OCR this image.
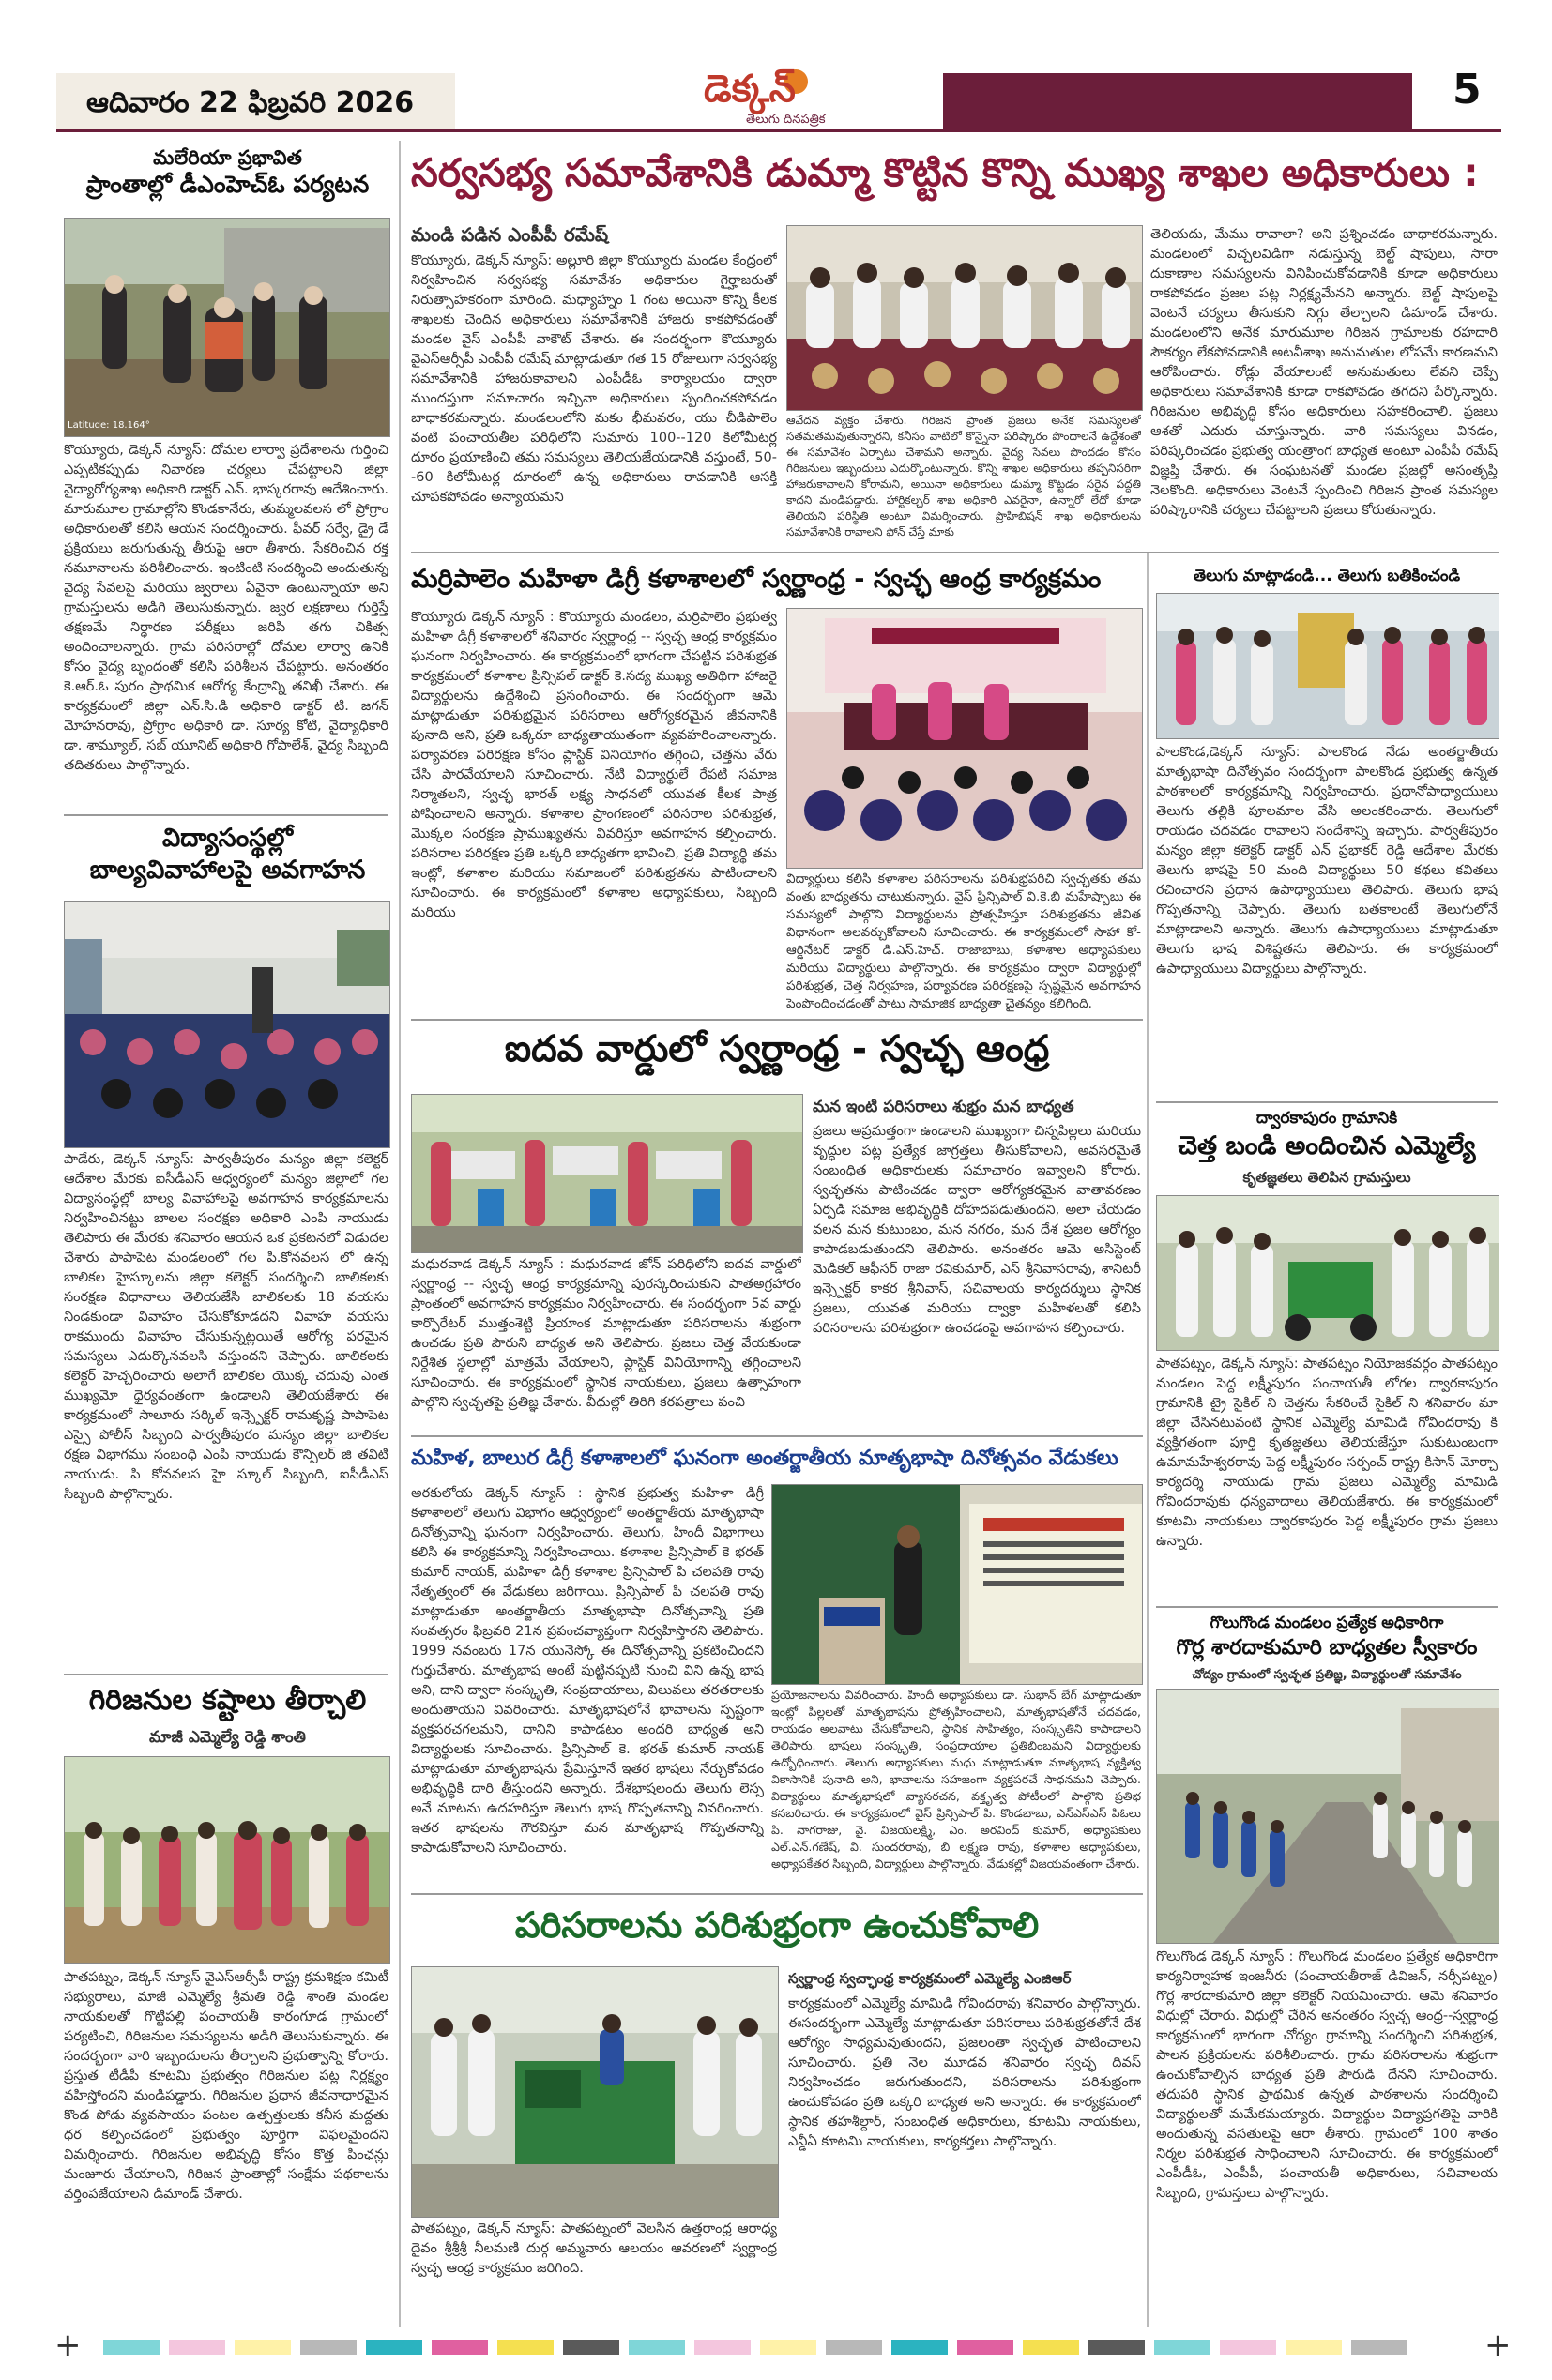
ఆదివారం 22 ఫిబ్రవరి 2026	డెక్కన్
తెలుగు దినపత్రిక
5
మలేరియా ప్రభావిత
ప్రాంతాల్లో డీఎంహెచ్‌ఓ పర్యటన
Latitude: 18.164°
కొయ్యూరు, డెక్కన్ న్యూస్: దోమల లార్వా ప్రదేశాలను గుర్తించి ఎప్పటికప్పుడు నివారణ చర్యలు చేపట్టాలని జిల్లా వైద్యారోగ్యశాఖ అధికారి డాక్టర్ ఎన్. భాస్కరరావు ఆదేశించారు. మారుమూల గ్రామాల్లోని కొండకానేరు, తుమ్మలవలస లో ప్రోగ్రాం అధికారులతో కలిసి ఆయన సందర్శించారు. ఫీవర్ సర్వే, డ్రై డే ప్రక్రియలు జరుగుతున్న తీరుపై ఆరా తీశారు. సేకరించిన రక్త నమూనాలను పరిశీలించారు. ఇంటింటి సందర్శించి అందుతున్న వైద్య సేవలపై మరియు జ్వరాలు ఏవైనా ఉంటున్నాయా అని గ్రామస్తులను అడిగి తెలుసుకున్నారు. జ్వర లక్షణాలు గుర్తిస్తే తక్షణమే నిర్ధారణ పరీక్షలు జరిపి తగు చికిత్స అందించాలన్నారు. గ్రామ పరిసరాల్లో దోమల లార్వా ఉనికి కోసం వైద్య బృందంతో కలిసి పరిశీలన చేపట్టారు. అనంతరం కె.ఆర్.ఓ పురం ప్రాథమిక ఆరోగ్య కేంద్రాన్ని తనిఖీ చేశారు. ఈ కార్యక్రమంలో జిల్లా ఎన్.సి.డి అధికారి డాక్టర్ టి. జగన్ మోహనరావు, ప్రోగ్రాం అధికారి డా. సూర్య కోటి, వైద్యాధికారి డా. శామ్యూల్, సబ్ యూనిట్ అధికారి గోపాలేశ్, వైద్య సిబ్బంది తదితరులు పాల్గొన్నారు.
విద్యాసంస్థల్లో
బాల్యవివాహాలపై అవగాహన
పాడేరు, డెక్కన్ న్యూస్: పార్వతీపురం మన్యం జిల్లా కలెక్టర్ ఆదేశాల మేరకు ఐసీడీఎస్ ఆధ్వర్యంలో మన్యం జిల్లాలో గల విద్యాసంస్థల్లో బాల్య వివాహాలపై అవగాహన కార్యక్రమాలను నిర్వహించినట్టు బాలల సంరక్షణ అధికారి ఎంపి నాయుడు తెలిపారు ఈ మేరకు శనివారం ఆయన ఒక ప్రకటనలో విడుదల చేశారు పాపాపెట మండలంలో గల పి.కోనవలస లో ఉన్న బాలికల హైస్కూలను జిల్లా కలెక్టర్ సందర్శించి బాలికలకు సంరక్షణ విధానాలు తెలియజేసి బాలికలకు 18 వయసు నిండకుండా వివాహం చేసుకోకూడదని వివాహ వయసు రాకముందు వివాహం చేసుకున్నట్లయితే ఆరోగ్య పరమైన సమస్యలు ఎదుర్కొనవలసి వస్తుందని చెప్పారు. బాలికలకు కలెక్టర్ హెచ్చరించారు అలాగే బాలికల యొక్క చదువు ఎంత ముఖ్యమో ధైర్యవంతంగా ఉండాలని తెలియజేశారు ఈ కార్యక్రమంలో సాలూరు సర్కిల్ ఇన్స్పెక్టర్ రామకృష్ణ పాపాపెట ఎస్సై పోలీస్ సిబ్బంది పార్వతీపురం మన్యం జిల్లా బాలికల రక్షణ విభాగము సంబంధి ఎంపి నాయుడు కౌన్సిలర్ జి తవిటి నాయుడు. పి కోనవలస హై స్కూల్ సిబ్బంది, ఐసీడీఎస్ సిబ్బంది పాల్గొన్నారు.
గిరిజనుల కష్టాలు తీర్చాలి
మాజీ ఎమ్మెల్యే రెడ్డి శాంతి
పాతపట్నం, డెక్కన్ న్యూస్ వైఎస్ఆర్సీపీ రాష్ట్ర క్రమశిక్షణ కమిటీ సభ్యురాలు, మాజీ ఎమ్మెల్యే శ్రీమతి రెడ్డి శాంతి మండల నాయకులతో గొట్టిపల్లి పంచాయతీ కారంగూడ గ్రామంలో పర్యటించి, గిరిజనుల సమస్యలను అడిగి తెలుసుకున్నారు. ఈ సందర్భంగా వారి ఇబ్బందులను తీర్చాలని ప్రభుత్వాన్ని కోరారు. ప్రస్తుత టీడీపీ కూటమి ప్రభుత్వం గిరిజనుల పట్ల నిర్లక్ష్యం వహిస్తోందని మండిపడ్డారు. గిరిజనుల ప్రధాన జీవనాధారమైన కొండ పోడు వ్యవసాయం పంటల ఉత్పత్తులకు కనీస మద్దతు ధర కల్పించడంలో ప్రభుత్వం పూర్తిగా విఫలమైందని విమర్శించారు. గిరిజనుల అభివృద్ధి కోసం కొత్త పింఛన్లు మంజూరు చేయాలని, గిరిజన ప్రాంతాల్లో సంక్షేమ పథకాలను వర్తింపజేయాలని డిమాండ్ చేశారు.
సర్వసభ్య సమావేశానికి డుమ్మా కొట్టిన కొన్ని ముఖ్య శాఖల అధికారులు :
మండి పడిన ఎంపీపీ రమేష్
కొయ్యూరు, డెక్కన్ న్యూస్: అల్లూరి జిల్లా కొయ్యూరు మండల కేంద్రంలో నిర్వహించిన సర్వసభ్య సమావేశం అధికారుల గైర్హాజరుతో నిరుత్సాహకరంగా మారింది. మధ్యాహ్నం 1 గంట అయినా కొన్ని కీలక శాఖలకు చెందిన అధికారులు సమావేశానికి హాజరు కాకపోవడంతో మండల వైస్ ఎంపీపీ వాకౌట్ చేశారు. ఈ సందర్భంగా కొయ్యూరు వైఎస్ఆర్సీపీ ఎంపీపీ రమేష్ మాట్లాడుతూ గత 15 రోజులుగా సర్వసభ్య సమావేశానికి హాజరుకావాలని ఎంపీడీఓ కార్యాలయం ద్వారా ముందస్తుగా సమాచారం ఇచ్చినా అధికారులు స్పందించకపోవడం బాధాకరమన్నారు. మండలంలోని మకం భీమవరం, యు చీడిపాలెం వంటి పంచాయతీల పరిధిలోని సుమారు 100--120 కిలోమీటర్ల దూరం ప్రయాణించి తమ సమస్యలు తెలియజేయడానికి వస్తుంటే, 50--60 కిలోమీటర్ల దూరంలో ఉన్న అధికారులు రావడానికి ఆసక్తి చూపకపోవడం అన్యాయమని
ఆవేదన వ్యక్తం చేశారు. గిరిజన ప్రాంత ప్రజలు అనేక సమస్యలతో సతమతమవుతున్నారని, కనీసం వాటిలో కొన్నైనా పరిష్కారం పొందాలనే ఉద్దేశంతో ఈ సమావేశం ఏర్పాటు చేశామని అన్నారు. వైద్య సేవలు పొందడం కోసం గిరిజనులు ఇబ్బందులు ఎదుర్కొంటున్నారు. కొన్ని శాఖల అధికారులు తప్పనిసరిగా హాజరుకావాలని కోరామని, అయినా అధికారులు డుమ్మా కొట్టడం సరైన పద్ధతి కాదని మండిపడ్డారు. హార్టికల్చర్ శాఖ అధికారి ఎవరైనా, ఉన్నారో లేదో కూడా తెలియని పరిస్థితి అంటూ విమర్శించారు. ప్రొహిబిషన్ శాఖ అధికారులను సమావేశానికి రావాలని ఫోన్ చేస్తే మాకు
తెలియదు, మేము రావాలా? అని ప్రశ్నించడం బాధాకరమన్నారు. మండలంలో విచ్చలవిడిగా నడుస్తున్న బెల్ట్ షాపులు, సారా దుకాణాల సమస్యలను వినిపించుకోవడానికి కూడా అధికారులు రాకపోవడం ప్రజల పట్ల నిర్లక్ష్యమేనని అన్నారు. బెల్ట్ షాపులపై వెంటనే చర్యలు తీసుకుని నిగ్గు తేల్చాలని డిమాండ్ చేశారు. మండలంలోని అనేక మారుమూల గిరిజన గ్రామాలకు రహదారి సౌకర్యం లేకపోవడానికి అటవీశాఖ అనుమతుల లోపమే కారణమని ఆరోపించారు. రోడ్లు వేయాలంటే అనుమతులు లేవని చెప్పే అధికారులు సమావేశానికి కూడా రాకపోవడం తగదని పేర్కొన్నారు. గిరిజనుల అభివృద్ధి కోసం అధికారులు సహకరించాలి. ప్రజలు ఆశతో ఎదురు చూస్తున్నారు. వారి సమస్యలు వినడం, పరిష్కరించడం ప్రభుత్వ యంత్రాంగ బాధ్యత అంటూ ఎంపీపీ రమేష్ విజ్ఞప్తి చేశారు. ఈ సంఘటనతో మండల ప్రజల్లో అసంతృప్తి నెలకొంది. అధికారులు వెంటనే స్పందించి గిరిజన ప్రాంత సమస్యల పరిష్కారానికి చర్యలు చేపట్టాలని ప్రజలు కోరుతున్నారు.
మర్రిపాలెం మహిళా డిగ్రీ కళాశాలలో స్వర్ణాంధ్ర - స్వచ్ఛ ఆంధ్ర కార్యక్రమం
కొయ్యూరు డెక్కన్ న్యూస్ : కొయ్యూరు మండలం, మర్రిపాలెం ప్రభుత్వ మహిళా డిగ్రీ కళాశాలలో శనివారం స్వర్ణాంధ్ర -- స్వచ్ఛ ఆంధ్ర కార్యక్రమం ఘనంగా నిర్వహించారు. ఈ కార్యక్రమంలో భాగంగా చేపట్టిన పరిశుభ్రత కార్యక్రమంలో కళాశాల ప్రిన్సిపల్ డాక్టర్ కె.సద్య ముఖ్య అతిథిగా హాజరై విద్యార్థులను ఉద్దేశించి ప్రసంగించారు. ఈ సందర్భంగా ఆమె మాట్లాడుతూ పరిశుభ్రమైన పరిసరాలు ఆరోగ్యకరమైన జీవనానికి పునాది అని, ప్రతి ఒక్కరూ బాధ్యతాయుతంగా వ్యవహరించాలన్నారు. పర్యావరణ పరిరక్షణ కోసం ప్లాస్టిక్ వినియోగం తగ్గించి, చెత్తను వేరు చేసి పారవేయాలని సూచించారు. నేటి విద్యార్థులే రేపటి సమాజ నిర్మాతలని, స్వచ్ఛ భారత్ లక్ష్య సాధనలో యువత కీలక పాత్ర పోషించాలని అన్నారు. కళాశాల ప్రాంగణంలో పరిసరాల పరిశుభ్రత, మొక్కల సంరక్షణ ప్రాముఖ్యతను వివరిస్తూ అవగాహన కల్పించారు. పరిసరాల పరిరక్షణ ప్రతి ఒక్కరి బాధ్యతగా భావించి, ప్రతి విద్యార్థి తమ ఇంట్లో, కళాశాల మరియు సమాజంలో పరిశుభ్రతను పాటించాలని సూచించారు. ఈ కార్యక్రమంలో కళాశాల అధ్యాపకులు, సిబ్బంది మరియు
విద్యార్థులు కలిసి కళాశాల పరిసరాలను పరిశుభ్రపరిచి స్వచ్ఛతకు తమ వంతు బాధ్యతను చాటుకున్నారు. వైస్ ప్రిన్సిపాల్ వి.కె.బి మహేష్బాబు ఈ సమస్యలో పాల్గొని విద్యార్థులను ప్రోత్సహిస్తూ పరిశుభ్రతను జీవిత విధానంగా అలవర్చుకోవాలని సూచించారు. ఈ కార్యక్రమంలో సాహా కో-ఆర్డినేటర్ డాక్టర్ డి.ఎస్.హెచ్. రాజాబాబు, కళాశాల అధ్యాపకులు మరియు విద్యార్థులు పాల్గొన్నారు. ఈ కార్యక్రమం ద్వారా విద్యార్థుల్లో పరిశుభ్రత, చెత్త నిర్వహణ, పర్యావరణ పరిరక్షణపై స్పష్టమైన అవగాహన పెంపొందించడంతో పాటు సామాజిక బాధ్యతా చైతన్యం కలిగింది.
ఐదవ వార్డులో స్వర్ణాంధ్ర - స్వచ్ఛ ఆంధ్ర
మధురవాడ డెక్కన్ న్యూస్ : మధురవాడ జోన్ పరిధిలోని ఐదవ వార్డులో స్వర్ణాంధ్ర -- స్వచ్ఛ ఆంధ్ర కార్యక్రమాన్ని పురస్కరించుకుని పాతఅగ్రహారం ప్రాంతంలో అవగాహన కార్యక్రమం నిర్వహించారు. ఈ సందర్భంగా 5వ వార్డు కార్పొరేటర్ ముత్తంశెట్టి ప్రియాంక మాట్లాడుతూ పరిసరాలను శుభ్రంగా ఉంచడం ప్రతి పౌరుని బాధ్యత అని తెలిపారు. ప్రజలు చెత్త వేయకుండా నిర్దేశిత స్థలాల్లో మాత్రమే వేయాలని, ప్లాస్టిక్ వినియోగాన్ని తగ్గించాలని సూచించారు. ఈ కార్యక్రమంలో స్థానిక నాయకులు, ప్రజలు ఉత్సాహంగా పాల్గొని స్వచ్ఛతపై ప్రతిజ్ఞ చేశారు. వీధుల్లో తిరిగి కరపత్రాలు పంచి
మన ఇంటి పరిసరాలు శుభ్రం మన బాధ్యత
ప్రజలు అప్రమత్తంగా ఉండాలని ముఖ్యంగా చిన్నపిల్లలు మరియు వృద్ధుల పట్ల ప్రత్యేక జాగ్రత్తలు తీసుకోవాలని, అవసరమైతే సంబంధిత అధికారులకు సమాచారం ఇవ్వాలని కోరారు. స్వచ్ఛతను పాటించడం ద్వారా ఆరోగ్యకరమైన వాతావరణం ఏర్పడి సమాజ అభివృద్ధికి దోహదపడుతుందని, అలా చేయడం వలన మన కుటుంబం, మన నగరం, మన దేశ ప్రజల ఆరోగ్యం కాపాడబడుతుందని తెలిపారు. అనంతరం ఆమె అసిస్టెంట్ మెడికల్ ఆఫీసర్ రాజా రవికుమార్, ఎస్ శ్రీనివాసరావు, శానిటరీ ఇన్స్పెక్టర్ కాకర శ్రీనివాస్, సచివాలయ కార్యదర్శులు స్థానిక ప్రజలు, యువత మరియు ద్వాక్రా మహిళలతో కలిసి పరిసరాలను పరిశుభ్రంగా ఉంచడంపై అవగాహన కల్పించారు.
మహిళ, బాలుర డిగ్రీ కళాశాలలో ఘనంగా అంతర్జాతీయ మాతృభాషా దినోత్సవం వేడుకలు
అరకులోయ డెక్కన్ న్యూస్ : స్థానిక ప్రభుత్వ మహిళా డిగ్రీ కళాశాలలో తెలుగు విభాగం ఆధ్వర్యంలో అంతర్జాతీయ మాతృభాషా దినోత్సవాన్ని ఘనంగా నిర్వహించారు. తెలుగు, హిందీ విభాగాలు కలిసి ఈ కార్యక్రమాన్ని నిర్వహించాయి. కళాశాల ప్రిన్సిపాల్ కె భరత్ కుమార్ నాయక్, మహిళా డిగ్రీ కళాశాల ప్రిన్సిపాల్ పి చలపతి రావు నేతృత్వంలో ఈ వేడుకలు జరిగాయి. ప్రిన్సిపాల్ పి చలపతి రావు మాట్లాడుతూ అంతర్జాతీయ మాతృభాషా దినోత్సవాన్ని ప్రతి సంవత్సరం ఫిబ్రవరి 21న ప్రపంచవ్యాప్తంగా నిర్వహిస్తారని తెలిపారు. 1999 నవంబరు 17న యునెస్కో ఈ దినోత్సవాన్ని ప్రకటించిందని గుర్తుచేశారు. మాతృభాష అంటే పుట్టినప్పటి నుంచి విని ఉన్న భాష అని, దాని ద్వారా సంస్కృతి, సంప్రదాయాలు, విలువలు తరతరాలకు అందుతాయని వివరించారు. మాతృభాషలోనే భావాలను స్పష్టంగా వ్యక్తపరచగలమని, దానిని కాపాడటం అందరి బాధ్యత అని విద్యార్థులకు సూచించారు. ప్రిన్సిపాల్ కె. భరత్ కుమార్ నాయక్ మాట్లాడుతూ మాతృభాషను ప్రేమిస్తూనే ఇతర భాషలు నేర్చుకోవడం అభివృద్ధికి దారి తీస్తుందని అన్నారు. దేశభాషలందు తెలుగు లెస్స అనే మాటను ఉదహరిస్తూ తెలుగు భాష గొప్పతనాన్ని వివరించారు. ఇతర భాషలను గౌరవిస్తూ మన మాతృభాష గొప్పతనాన్ని కాపాడుకోవాలని సూచించారు.
ప్రయోజనాలను వివరించారు. హిందీ అధ్యాపకులు డా. సుభాన్ బేగ్ మాట్లాడుతూ ఇంట్లో పిల్లలతో మాతృభాషను ప్రోత్సహించాలని, మాతృభాషతోనే చదవడం, రాయడం అలవాటు చేసుకోవాలని, స్థానిక సాహిత్యం, సంస్కృతిని కాపాడాలని తెలిపారు. భాషలు సంస్కృతి, సంప్రదాయాల ప్రతిబింబమని విద్యార్థులకు ఉద్బోధించారు. తెలుగు అధ్యాపకులు మధు మాట్లాడుతూ మాతృభాష వ్యక్తిత్వ వికాసానికి పునాది అని, భావాలను సహజంగా వ్యక్తపరచే సాధనమని చెప్పారు. విద్యార్థులు మాతృభాషలో వ్యాసరచన, వక్తృత్వ పోటీలలో పాల్గొని ప్రతిభ కనబరిచారు. ఈ కార్యక్రమంలో వైస్ ప్రిన్సిపాల్ పి. కొండబాబు, ఎన్ఎస్ఎస్ పిఓలు పి. నాగరాజు, వై. విజయలక్ష్మి, ఎం. అరవింద్ కుమార్, అధ్యాపకులు ఎల్.ఎన్.గణేష్, వి. సుందరరావు, బి లక్ష్మణ రావు, కళాశాల అధ్యాపకులు, అధ్యాపకేతర సిబ్బంది, విద్యార్థులు పాల్గొన్నారు. వేడుకల్లో విజయవంతంగా చేశారు.
పరిసరాలను పరిశుభ్రంగా ఉంచుకోవాలి
పాతపట్నం, డెక్కన్ న్యూస్: పాతపట్నంలో వెలసిన ఉత్తరాంధ్ర ఆరాధ్య దైవం శ్రీశ్రీశ్రీ నీలమణి దుర్గ అమ్మవారు ఆలయం ఆవరణలో స్వర్ణాంధ్ర స్వచ్ఛ ఆంధ్ర కార్యక్రమం జరిగింది.
స్వర్ణాంధ్ర స్వచ్ఛాంధ్ర కార్యక్రమంలో ఎమ్మెల్యే ఎంజిఆర్
కార్యక్రమంలో ఎమ్మెల్యే మామిడి గోవిందరావు శనివారం పాల్గొన్నారు. ఈసందర్భంగా ఎమ్మెల్యే మాట్లాడుతూ పరిసరాలు పరిశుభ్రతతోనే దేశ ఆరోగ్యం సాధ్యమవుతుందని, ప్రజలంతా స్వచ్ఛత పాటించాలని సూచించారు. ప్రతి నెల మూడవ శనివారం స్వచ్ఛ దివస్ నిర్వహించడం జరుగుతుందని, పరిసరాలను పరిశుభ్రంగా ఉంచుకోవడం ప్రతి ఒక్కరి బాధ్యత అని అన్నారు. ఈ కార్యక్రమంలో స్థానిక తహశీల్దార్, సంబంధిత అధికారులు, కూటమి నాయకులు, ఎన్డీఏ కూటమి నాయకులు, కార్యకర్తలు పాల్గొన్నారు.
తెలుగు మాట్లాడండి... తెలుగు బతికించండి
పాలకొండ,డెక్కన్ న్యూస్: పాలకొండ నేడు అంతర్జాతీయ మాతృభాషా దినోత్సవం సందర్భంగా పాలకొండ ప్రభుత్వ ఉన్నత పాఠశాలలో కార్యక్రమాన్ని నిర్వహించారు. ప్రధానోపాధ్యాయులు తెలుగు తల్లికి పూలమాల వేసి అలంకరించారు. తెలుగులో రాయడం చదవడం రావాలని సందేశాన్ని ఇచ్చారు. పార్వతీపురం మన్యం జిల్లా కలెక్టర్ డాక్టర్ ఎన్ ప్రభాకర్ రెడ్డి ఆదేశాల మేరకు తెలుగు భాషపై 50 మంది విద్యార్థులు 50 కథలు కవితలు రచించారని ప్రధాన ఉపాధ్యాయులు తెలిపారు. తెలుగు భాష గొప్పతనాన్ని చెప్పారు. తెలుగు బతకాలంటే తెలుగులోనే మాట్లాడాలని అన్నారు. తెలుగు ఉపాధ్యాయులు మాట్లాడుతూ తెలుగు భాష విశిష్టతను తెలిపారు. ఈ కార్యక్రమంలో ఉపాధ్యాయులు విద్యార్థులు పాల్గొన్నారు.
ద్వారకాపురం గ్రామానికి
చెత్త బండి అందించిన ఎమ్మెల్యే
కృతజ్ఞతలు తెలిపిన గ్రామస్తులు
పాతపట్నం, డెక్కన్ న్యూస్: పాతపట్నం నియోజకవర్గం పాతపట్నం మండలం పెద్ద లక్ష్మీపురం పంచాయతీ లోగల ద్వారకాపురం గ్రామానికి ట్రై సైకిల్ ని చెత్తను సేకరించే సైకిల్ ని శనివారం మా జిల్లా చేసినటువంటి స్థానిక ఎమ్మెల్యే మామిడి గోవిందరావు కి వ్యక్తిగతంగా పూర్తి కృతజ్ఞతలు తెలియజేస్తూ సుకుటుంబంగా ఉమామహేశ్వరరావు పెద్ద లక్ష్మీపురం సర్పంచ్ రాష్ట్ర కిసాన్ మోర్చా కార్యదర్శి నాయుడు గ్రామ ప్రజలు ఎమ్మెల్యే మామిడి గోవిందరావుకు ధన్యవాదాలు తెలియజేశారు. ఈ కార్యక్రమంలో కూటమి నాయకులు ద్వారకాపురం పెద్ద లక్ష్మీపురం గ్రామ ప్రజలు ఉన్నారు.
గొలుగొండ మండలం ప్రత్యేక అధికారిగా
గొర్ల శారదాకుమారి బాధ్యతల స్వీకారం
చోద్యం గ్రామంలో స్వచ్ఛత ప్రతిజ్ఞ, విద్యార్థులతో సమావేశం
గొలుగొండ డెక్కన్ న్యూస్ : గొలుగొండ మండలం ప్రత్యేక అధికారిగా కార్యనిర్వాహక ఇంజనీరు (పంచాయతీరాజ్ డివిజన్, నర్సీపట్నం) గొర్ల శారదాకుమారి జిల్లా కలెక్టర్ నియమించారు. ఆమె శనివారం విధుల్లో చేరారు. విధుల్లో చేరిన అనంతరం స్వచ్ఛ ఆంధ్ర--స్వర్ణాంధ్ర కార్యక్రమంలో భాగంగా చోద్యం గ్రామాన్ని సందర్శించి పరిశుభ్రత, పాలన ప్రక్రియలను పరిశీలించారు. గ్రామ పరిసరాలను శుభ్రంగా ఉంచుకోవాల్సిన బాధ్యత ప్రతి పౌరుడి దేనని సూచించారు. తదుపరి స్థానిక ప్రాథమిక ఉన్నత పాఠశాలను సందర్శించి విద్యార్థులతో మమేకమయ్యారు. విద్యార్థుల విద్యాప్రగతిపై వారికి అందుతున్న వసతులపై ఆరా తీశారు. గ్రామంలో 100 శాతం నిర్మల పరిశుభ్రత సాధించాలని సూచించారు. ఈ కార్యక్రమంలో ఎంపీడీఓ, ఎంపీపీ, పంచాయతీ అధికారులు, సచివాలయ సిబ్బంది, గ్రామస్తులు పాల్గొన్నారు.
+	+
